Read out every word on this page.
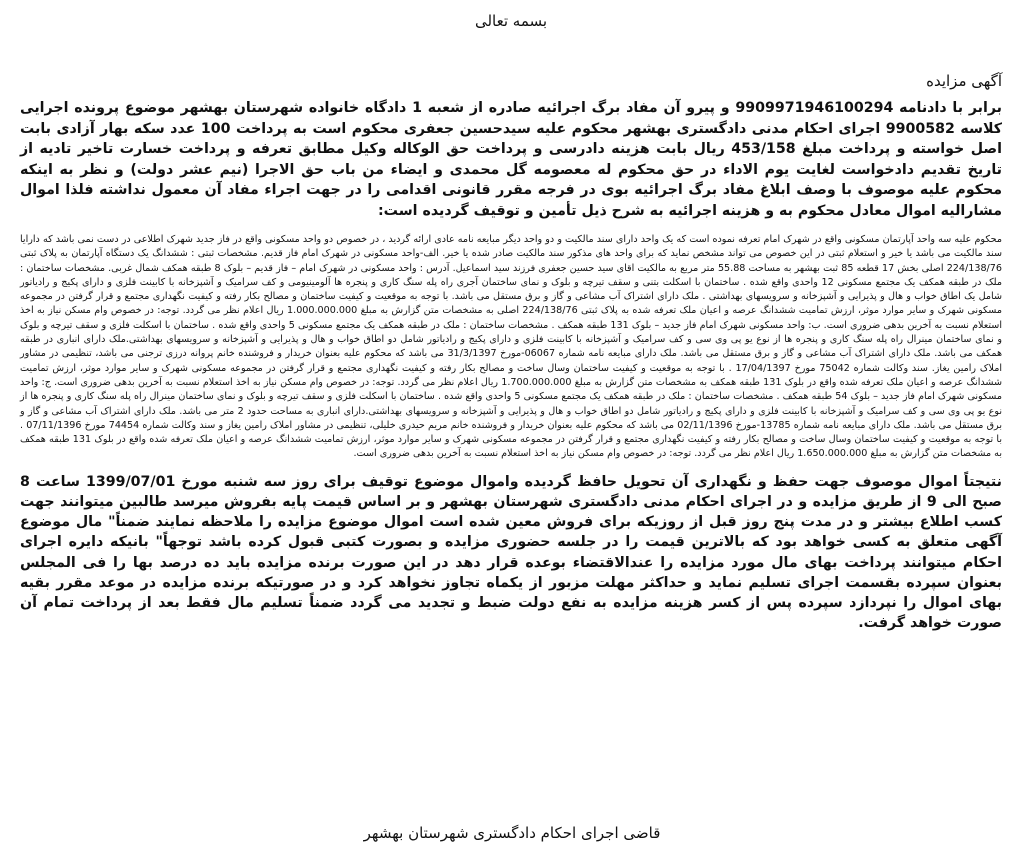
بسمه تعالی
آگهی مزایده
برابر با دادنامه 9909971946100294 و پیرو آن مفاد برگ اجرائیه صادره از شعبه 1 دادگاه خانواده شهرستان بهشهر موضوع پرونده اجرایی کلاسه 9900582 اجرای احکام مدنی دادگستری بهشهر محکوم علیه سیدحسین جعفری محکوم است به پرداخت 100 عدد سکه بهار آزادی بابت اصل خواسته و پرداخت مبلغ 453/158 ریال بابت هزینه دادرسی و پرداخت حق الوکاله وکیل مطابق تعرفه و پرداخت خسارت تاخیر تادیه از تاریخ تقدیم دادخواست لغایت یوم الاداء در حق محکوم له معصومه گل محمدی و ایضاء من باب حق الاجرا (نیم عشر دولت) و نظر به اینکه محکوم علیه موصوف با وصف ابلاغ مفاد برگ اجرائیه بوی در فرجه مقرر قانونی اقدامی را در جهت اجراء مفاد آن معمول نداشته فلذا اموال مشارالیه اموال معادل محکوم به و هزینه اجرائیه به شرح ذیل تأمین و توقیف گردیده است:
محکوم علیه سه واحد آپارتمان مسکونی واقع در شهرک امام تعرفه نموده است که یک واحد دارای سند مالکیت و دو واحد دیگر مبایعه نامه عادی ارائه گردید ، در خصوص دو واحد مسکونی واقع در فاز جدید شهرک اطلاعی در دست نمی باشد که دارایا سند مالکیت می باشد یا خیر و استعلام ثبتی در این خصوص می تواند مشخص نماید که برای واحد های مذکور سند مالکیت صادر شده یا خیر. الف-واحد مسکونی در شهرک امام فاز قدیم. مشخصات ثبتی : ششدانگ یک دستگاه آپارتمان به پلاک ثبتی 224/138/76 اصلی بخش 17 قطعه 85 ثبت بهشهر به مساحت 55.88 متر مربع به مالکیت اقای سید حسین جعفری فرزند سید اسماعیل. آدرس : واحد مسکونی در شهرک امام – فاز قدیم – بلوک 8 طبقه همکف شمال غربی. مشخصات ساختمان : ملک در طبقه همکف یک مجتمع مسکونی 12 واحدی واقع شده . ساختمان با اسکلت بتنی و سقف تیرچه و بلوک و نمای ساختمان آجری راه پله سنگ کاری و پنجره ها آلومینیومی و کف سرامیک و آشپزخانه با کابینت فلزی و دارای پکیج و رادیاتور شامل یک اطاق خواب و هال و پذیرایی و آشپزخانه و سرویسهای بهداشتی . ملک دارای اشتراک آب مشاعی و گاز و برق مستقل می باشد. با توجه به موقعیت و کیفیت ساختمان و مصالح بکار رفته و کیفیت نگهداری مجتمع و قرار گرفتن در مجموعه مسکونی شهرک و سایر موارد موثر، ارزش تمامیت ششدانگ عرصه و اعیان ملک تعرفه شده به پلاک ثبتی 224/138/76 اصلی به مشخصات متن گزارش به مبلغ 1.000.000.000 ریال اعلام نظر می گردد. توجه: در خصوص وام مسکن نیاز به اخذ استعلام نسبت به آخرین بدهی ضروری است. ب: واحد مسکونی شهرک امام فاز جدید – بلوک 131 طبقه همکف . مشخصات ساختمان : ملک در طبقه همکف یک مجتمع مسکونی 5 واحدی واقع شده . ساختمان با اسکلت فلزی و سقف تیرچه و بلوک و نمای ساختمان مینرال راه پله سنگ کاری و پنجره ها از نوع یو پی وی سی و کف سرامیک و آشپزخانه با کابینت فلزی و دارای پکیج و رادیاتور شامل دو اطاق خواب و هال و پذیرایی و آشپزخانه و سرویسهای بهداشتی.ملک دارای انباری در طبقه همکف می باشد. ملک دارای اشتراک آب مشاعی و گاز و برق مستقل می باشد. ملک دارای مبایعه نامه شماره 06067-مورخ 31/3/1397 می باشد که محکوم علیه بعنوان خریدار و فروشنده خانم پروانه درزی ترجنی می باشد، تنظیمی در مشاور املاک رامین یغاز. سند وکالت شماره 75042 مورخ 17/04/1397 . با توجه به موقعیت و کیفیت ساختمان وسال ساخت و مصالح بکار رفته و کیفیت نگهداری مجتمع و قرار گرفتن در مجموعه مسکونی شهرک و سایر موارد موثر، ارزش تمامیت ششدانگ عرصه و اعیان ملک تعرفه شده واقع در بلوک 131 طبقه همکف به مشخصات متن گزارش به مبلغ 1.700.000.000 ریال اعلام نظر می گردد. توجه: در خصوص وام مسکن نیاز به اخذ استعلام نسبت به آخرین بدهی ضروری است. ج: واحد مسکونی شهرک امام فاز جدید – بلوک 54 طبقه همکف . مشخصات ساختمان : ملک در طبقه همکف یک مجتمع مسکونی 5 واحدی واقع شده . ساختمان با اسکلت فلزی و سقف تیرچه و بلوک و نمای ساختمان مینرال راه پله سنگ کاری و پنجره ها از نوع یو پی وی سی و کف سرامیک و آشپزخانه با کابینت فلزی و دارای پکیج و رادیاتور شامل دو اطاق خواب و هال و پذیرایی و آشپزخانه و سرویسهای بهداشتی.دارای انباری به مساحت حدود 2 متر می باشد. ملک دارای اشتراک آب مشاعی و گاز و برق مستقل می باشد. ملک دارای مبایعه نامه شماره 13785-مورخ 02/11/1396 می باشد که محکوم علیه بعنوان خریدار و فروشنده خانم مریم حیدری خلیلی، تنظیمی در مشاور املاک رامین یغاز و سند وکالت شماره 74454 مورخ 07/11/1396 . با توجه به موقعیت و کیفیت ساختمان وسال ساخت و مصالح بکار رفته و کیفیت نگهداری مجتمع و قرار گرفتن در مجموعه مسکونی شهرک و سایر موارد موثر، ارزش تمامیت ششدانگ عرصه و اعیان ملک تعرفه شده واقع در بلوک 131 طبقه همکف به مشخصات متن گزارش به مبلغ 1.650.000.000 ریال اعلام نظر می گردد. توجه: در خصوص وام مسکن نیاز به اخذ استعلام نسبت به آخرین بدهی ضروری است.
نتیجتاً اموال موصوف جهت حفظ و نگهداری آن تحویل حافظ گردیده واموال موضوع توقیف برای روز سه شنبه مورخ 1399/07/01 ساعت 8 صبح الی 9 از طریق مزایده و در اجرای احکام مدنی دادگستری شهرستان بهشهر و بر اساس قیمت پایه بفروش میرسد طالبین میتوانند جهت کسب اطلاع بیشتر و در مدت پنج روز قبل از روزیکه برای فروش معین شده است اموال موضوع مزایده را ملاحظه نمایند ضمناً" مال موضوع آگهی متعلق به کسی خواهد بود که بالاترین قیمت را در جلسه حضوری مزایده و بصورت کتبی قبول کرده باشد توجهاً" بانیکه دایره اجرای احکام میتوانند پرداخت بهای مال مورد مزایده را عندالاقتضاء بوعده قرار دهد در این صورت برنده مزایده باید ده درصد بها را فی المجلس بعنوان سپرده بقسمت اجرای تسلیم نماید و حداکثر مهلت مزبور از یکماه تجاوز نخواهد کرد و در صورتیکه برنده مزایده در موعد مقرر بقیه بهای اموال را نپردازد سپرده پس از کسر هزینه مزایده به نفع دولت ضبط و تجدید می گردد ضمناً تسلیم مال فقط بعد از پرداخت تمام آن صورت خواهد گرفت.
قاضی اجرای احکام دادگستری شهرستان بهشهر
